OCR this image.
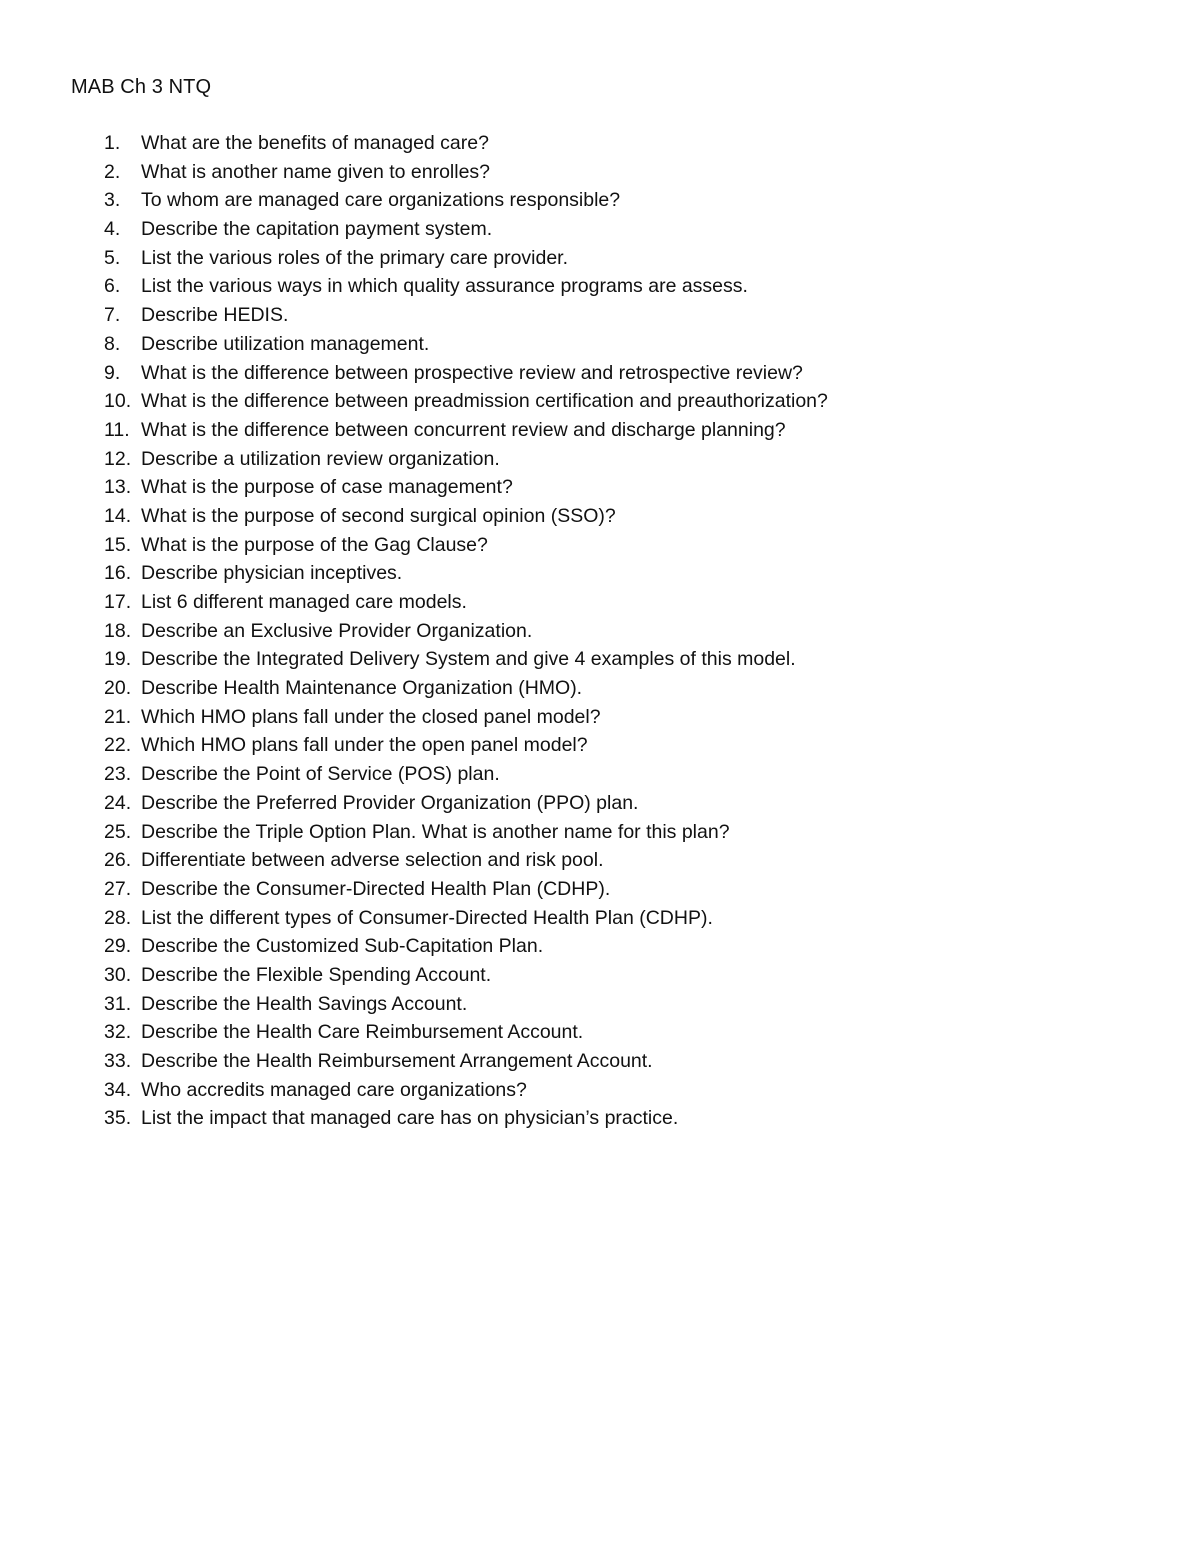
MAB Ch 3 NTQ
1.	What are the benefits of managed care?
2.	What is another name given to enrolles?
3.	To whom are managed care organizations responsible?
4.	Describe the capitation payment system.
5.	List the various roles of the primary care provider.
6.	List the various ways in which quality assurance programs are assess.
7.	Describe HEDIS.
8.	Describe utilization management.
9.	What is the difference between prospective review and retrospective review?
10. What is the difference between preadmission certification and preauthorization?
11. What is the difference between concurrent review and discharge planning?
12. Describe a utilization review organization.
13. What is the purpose of case management?
14. What is the purpose of second surgical opinion (SSO)?
15. What is the purpose of the Gag Clause?
16. Describe physician inceptives.
17. List 6 different managed care models.
18. Describe an Exclusive Provider Organization.
19. Describe the Integrated Delivery System and give 4 examples of this model.
20. Describe Health Maintenance Organization (HMO).
21. Which HMO plans fall under the closed panel model?
22. Which HMO plans fall under the open panel model?
23. Describe the Point of Service (POS) plan.
24. Describe the Preferred Provider Organization (PPO) plan.
25. Describe the Triple Option Plan. What is another name for this plan?
26. Differentiate between adverse selection and risk pool.
27. Describe the Consumer-Directed Health Plan (CDHP).
28. List the different types of Consumer-Directed Health Plan (CDHP).
29. Describe the Customized Sub-Capitation Plan.
30. Describe the Flexible Spending Account.
31. Describe the Health Savings Account.
32. Describe the Health Care Reimbursement Account.
33. Describe the Health Reimbursement Arrangement Account.
34. Who accredits managed care organizations?
35. List the impact that managed care has on physician’s practice.
